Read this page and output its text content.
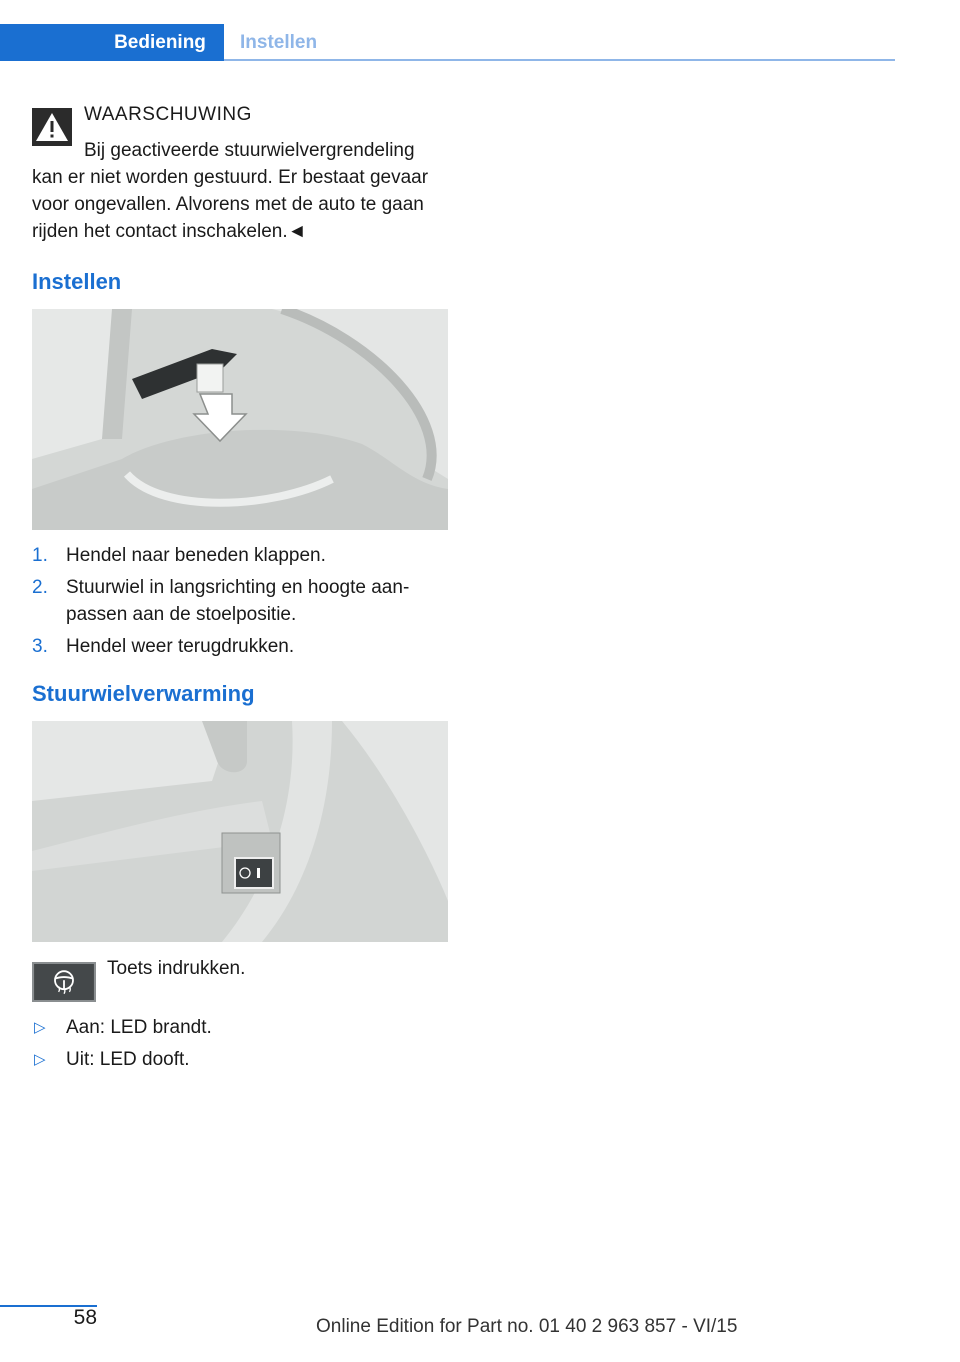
Bediening	Instellen
WAARSCHUWING
Bij geactiveerde stuurwielvergrendeling
kan er niet worden gestuurd. Er bestaat gevaar voor ongevallen. Alvorens met de auto te gaan rijden het contact inschakelen.◄
Instellen
1. Hendel naar beneden klappen.
2. Stuurwiel in langsrichting en hoogte aan-passen aan de stoelpositie.
3. Hendel weer terugdrukken.
Stuurwielverwarming
Toets indrukken.
▷ Aan: LED brandt.
▷ Uit: LED dooft.
58	Online Edition for Part no. 01 40 2 963 857 - VI/15
